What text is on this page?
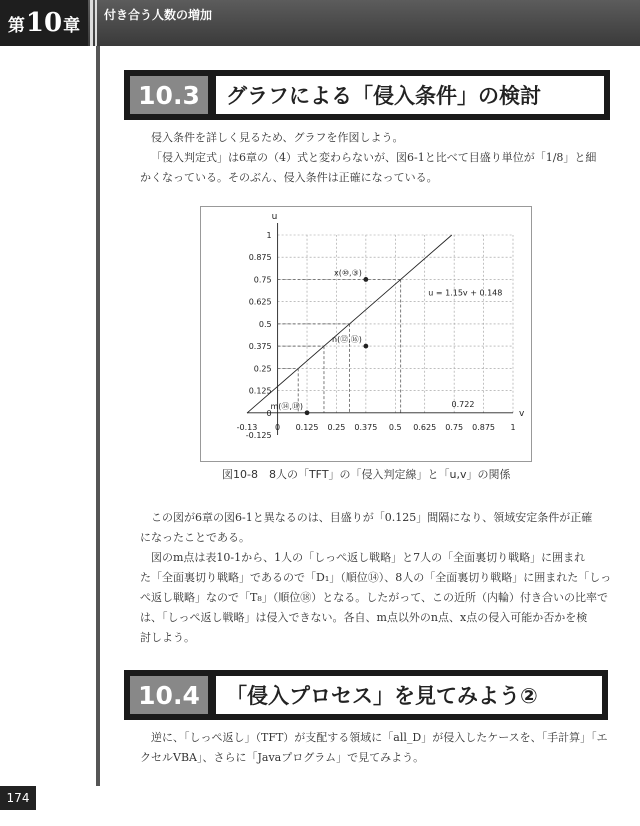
第 10 章
付き合う人数の増加
10.3	グラフによる「侵入条件」の検討
侵入条件を詳しく見るため、グラフを作図しよう。
「侵入判定式」は6章の（4）式と変わらないが、図6-1と比べて目盛り単位が「1/8」と細
かくなっている。そのぶん、侵入条件は正確になっている。
u
v
-0.13 0 0.125 0.25 0.375 0.5 0.625 0.75 0.875 1
-0.125
0
0.125
0.25
0.375
0.5
0.625
0.75
0.875
1
u = 1.15v + 0.148
x(⑩,③)
n(⑫,⑯)
m(⑭,⑱)	0.722
図10-8　8人の「TFT」の「侵入判定線」と「u,v」の関係
この図が6章の図6-1と異なるのは、目盛りが「0.125」間隔になり、領域安定条件が正確
になったことである。
図のm点は表10-1から、1人の「しっぺ返し戦略」と7人の「全面裏切り戦略」に囲まれ
た「全面裏切り戦略」であるので「D₁」（順位⑭）、8人の「全面裏切り戦略」に囲まれた「しっ
ぺ返し戦略」なので「T₈」（順位⑱）となる。したがって、この近所（内輪）付き合いの比率で
は、「しっぺ返し戦略」は侵入できない。各自、m点以外のn点、x点の侵入可能か否かを検
討しよう。
10.4	「侵入プロセス」を見てみよう②
逆に、「しっぺ返し」（TFT）が支配する領域に「all_D」が侵入したケースを、「手計算」「エ
クセルVBA」、さらに「Javaプログラム」で見てみよう。
174
